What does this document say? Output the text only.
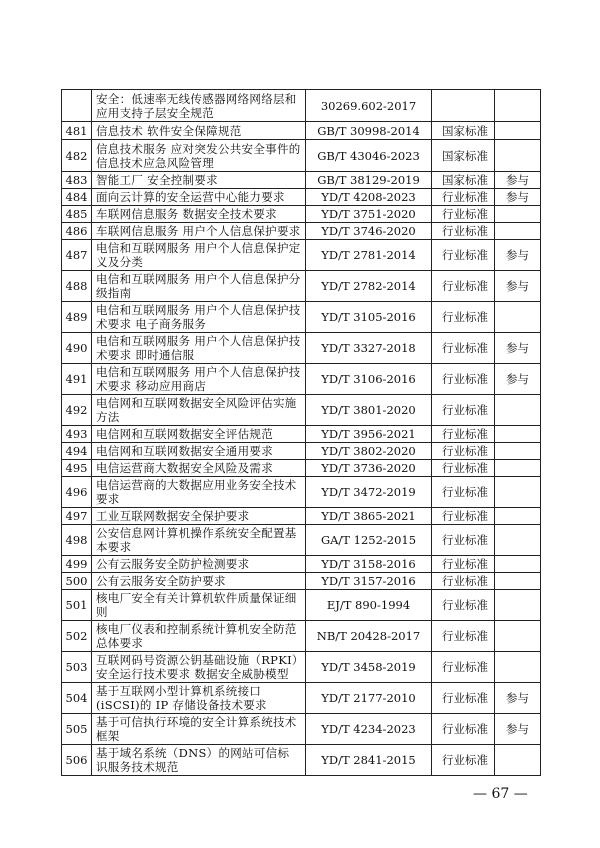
	安全：低速率无线传感器网络网络层和应用支持子层安全规范	30269.602-2017		
481	信息技术 软件安全保障规范	GB/T 30998-2014	国家标准	
482	信息技术服务 应对突发公共安全事件的信息技术应急风险管理	GB/T 43046-2023	国家标准	
483	智能工厂 安全控制要求	GB/T 38129-2019	国家标准	参与
484	面向云计算的安全运营中心能力要求	YD/T 4208-2023	行业标准	参与
485	车联网信息服务 数据安全技术要求	YD/T 3751-2020	行业标准	
486	车联网信息服务 用户个人信息保护要求	YD/T 3746-2020	行业标准	
487	电信和互联网服务 用户个人信息保护定义及分类	YD/T 2781-2014	行业标准	参与
488	电信和互联网服务 用户个人信息保护分级指南	YD/T 2782-2014	行业标准	参与
489	电信和互联网服务 用户个人信息保护技术要求 电子商务服务	YD/T 3105-2016	行业标准	
490	电信和互联网服务 用户个人信息保护技术要求 即时通信服	YD/T 3327-2018	行业标准	参与
491	电信和互联网服务 用户个人信息保护技术要求 移动应用商店	YD/T 3106-2016	行业标准	参与
492	电信网和互联网数据安全风险评估实施方法	YD/T 3801-2020	行业标准	
493	电信网和互联网数据安全评估规范	YD/T 3956-2021	行业标准	
494	电信网和互联网数据安全通用要求	YD/T 3802-2020	行业标准	
495	电信运营商大数据安全风险及需求	YD/T 3736-2020	行业标准	
496	电信运营商的大数据应用业务安全技术要求	YD/T 3472-2019	行业标准	
497	工业互联网数据安全保护要求	YD/T 3865-2021	行业标准	
498	公安信息网计算机操作系统安全配置基本要求	GA/T 1252-2015	行业标准	
499	公有云服务安全防护检测要求	YD/T 3158-2016	行业标准	
500	公有云服务安全防护要求	YD/T 3157-2016	行业标准	
501	核电厂安全有关计算机软件质量保证细则	EJ/T 890-1994	行业标准	
502	核电厂仪表和控制系统计算机安全防范总体要求	NB/T 20428-2017	行业标准	
503	互联网码号资源公钥基础设施（RPKI）安全运行技术要求 数据安全威胁模型	YD/T 3458-2019	行业标准	
504	基于互联网小型计算机系统接口(iSCSI)的 IP 存储设备技术要求	YD/T 2177-2010	行业标准	参与
505	基于可信执行环境的安全计算系统技术框架	YD/T 4234-2023	行业标准	参与
506	基于域名系统（DNS）的网站可信标识服务技术规范	YD/T 2841-2015	行业标准	
— 67 —
